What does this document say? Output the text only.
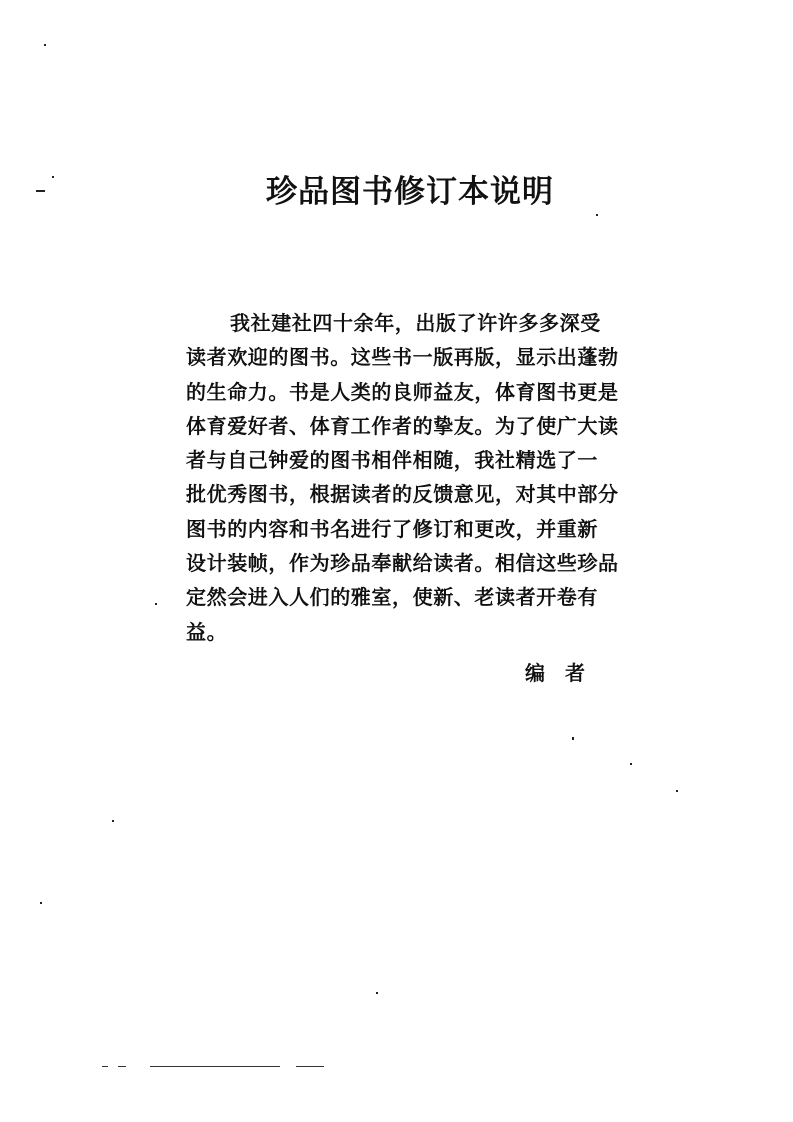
珍品图书修订本说明
我社建社四十余年，出版了许许多多深受
读者欢迎的图书。这些书一版再版，显示出蓬勃
的生命力。书是人类的良师益友，体育图书更是
体育爱好者、体育工作者的挚友。为了使广大读
者与自己钟爱的图书相伴相随，我社精选了一
批优秀图书，根据读者的反馈意见，对其中部分
图书的内容和书名进行了修订和更改，并重新
设计装帧，作为珍品奉献给读者。相信这些珍品
定然会进入人们的雅室，使新、老读者开卷有
益。
编者
